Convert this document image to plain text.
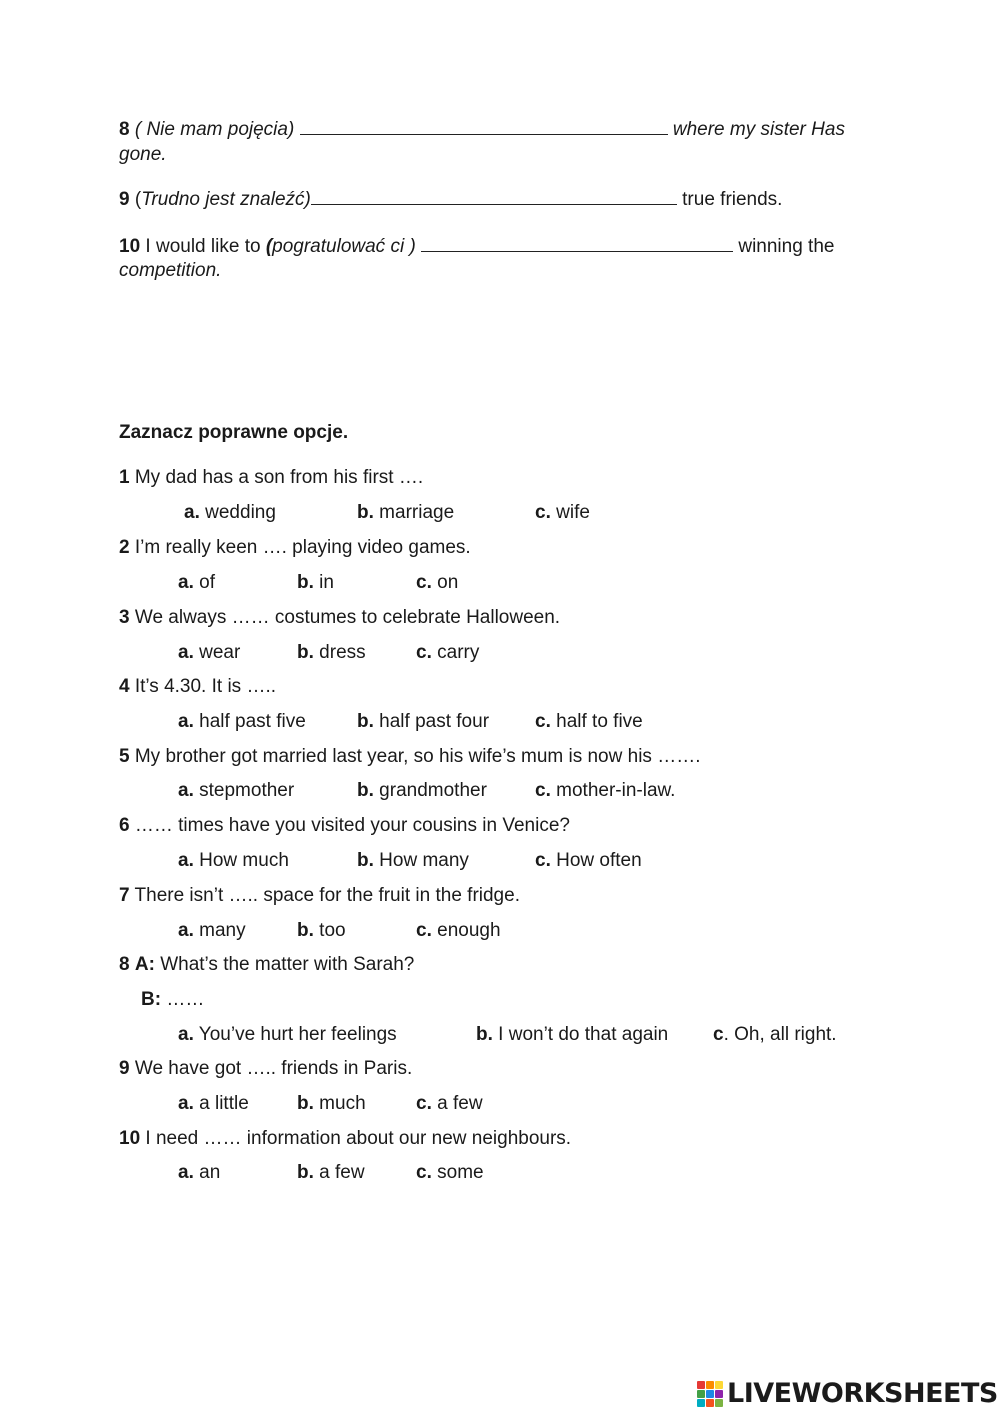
8 ( Nie mam pojęcia)	where my sister Has
gone.
9 (Trudno jest znaleźć)	true friends.
10 I would like to (pogratulować ci )	winning the
competition.
Zaznacz poprawne opcje.
1 My dad has a son from his first ….
a. wedding	b. marriage	c. wife
2 I’m really keen …. playing video games.
a. of	b. in	c. on
3 We always …… costumes to celebrate Halloween.
a. wear	b. dress	c. carry
4 It’s 4.30. It is …..
a. half past five	b. half past four c. half to five
5 My brother got married last year, so his wife’s mum is now his …….
a. stepmother	b. grandmother	c. mother-in-law.
6 …… times have you visited your cousins in Venice?
a. How much	b. How many	c. How often
7 There isn’t ….. space for the fruit in the fridge.
a. many	b. too	c. enough
8 A: What’s the matter with Sarah?
B: ……
a. You’ve hurt her feelings	b. I won’t do that again c. Oh, all right.
9 We have got ….. friends in Paris.
a. a little	b. much	c. a few
10 I need …… information about our new neighbours.
a. an	b. a few	c. some
LIVEWORKSHEETS
